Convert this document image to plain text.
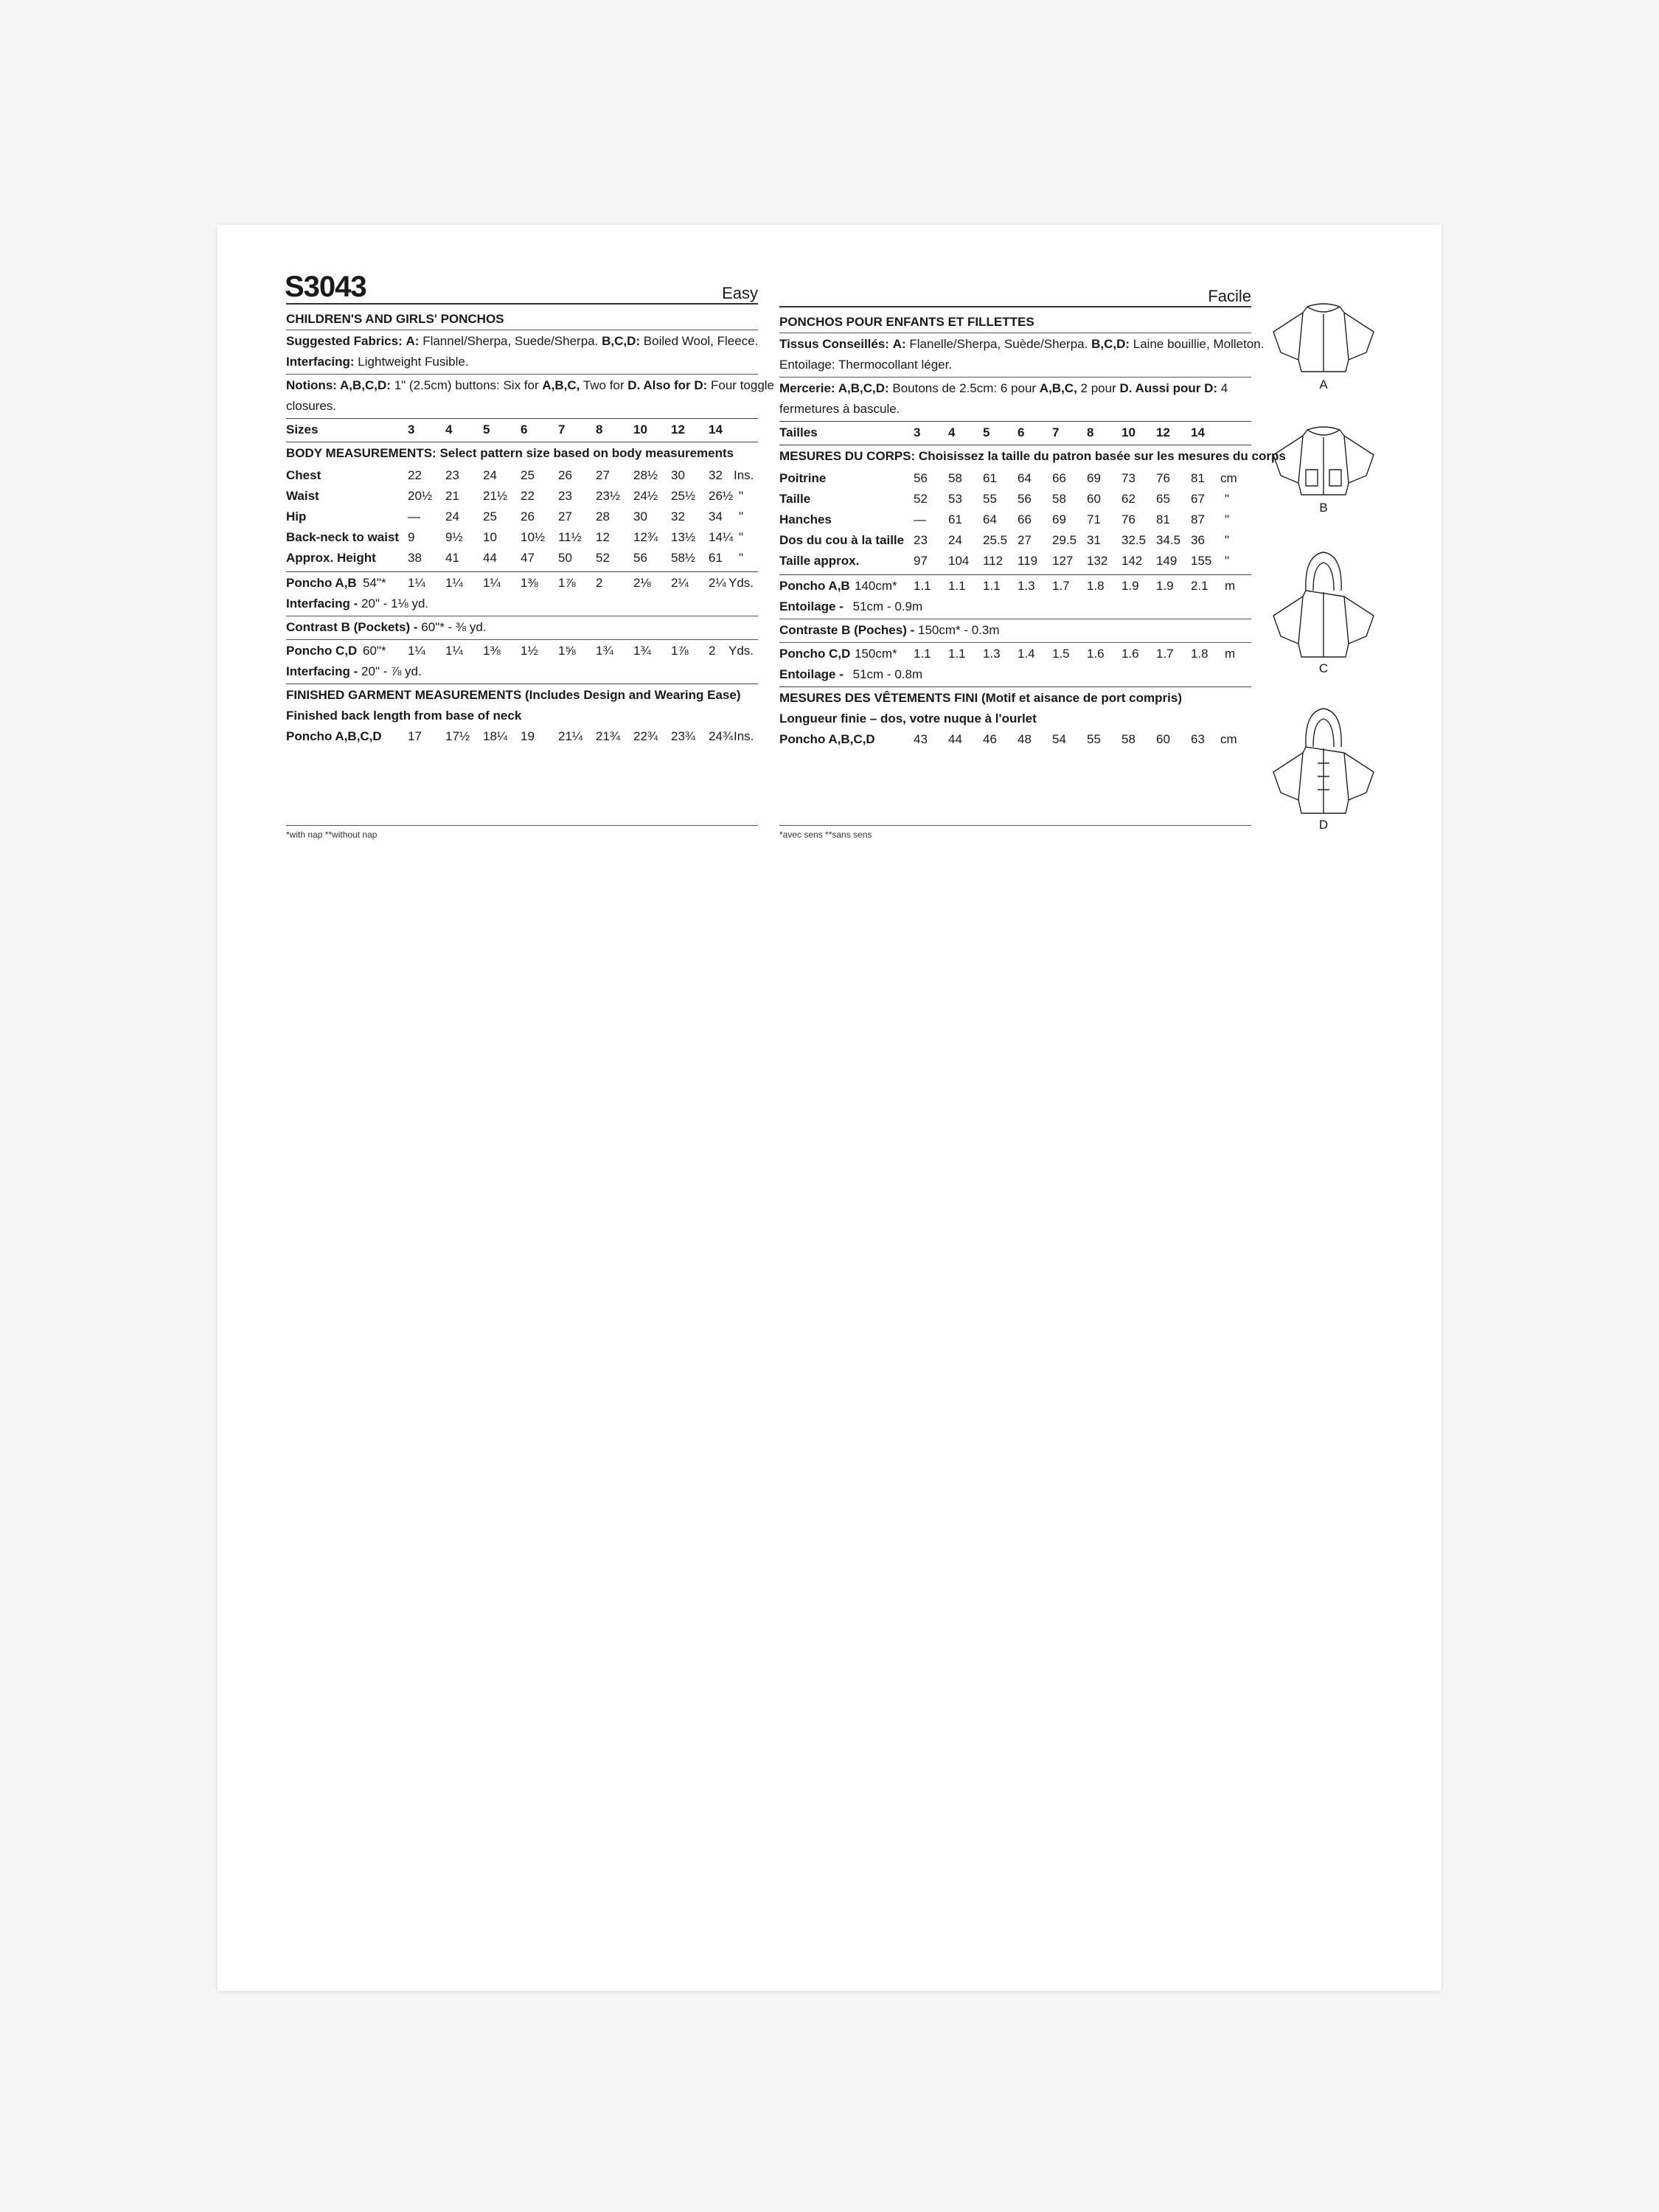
S3043	Easy
CHILDREN'S AND GIRLS' PONCHOS
Suggested Fabrics: A: Flannel/Sherpa, Suede/Sherpa. B,C,D: Boiled Wool, Fleece.
Interfacing: Lightweight Fusible.
Notions: A,B,C,D: 1" (2.5cm) buttons: Six for A,B,C, Two for D. Also for D: Four toggle
closures.
Sizes	3 4 5 6 7 8 10 12 14
BODY MEASUREMENTS: Select pattern size based on body measurements
Chest	22 23 24 25 26 27 28½ 30 32 Ins.
Waist	20½ 21 21½ 22 23 23½ 24½ 25½ 26½ "
Hip	— 24 25 26 27 28 30 32 34 "
Back-neck to waist 9 9½ 10 10½ 11½ 12 12¾ 13½ 14¼ "
Approx. Height	38 41 44 47 50 52 56 58½ 61 "
Poncho A,B 54"* 1¼ 1¼ 1¼ 1⅜ 1⅞ 2 2⅛ 2¼ 2¼ Yds.
Interfacing - 20" - 1⅛ yd.
Contrast B (Pockets) - 60"* - ⅜ yd.
Poncho C,D 60"* 1¼ 1¼ 1⅜ 1½ 1⅝ 1¾ 1¾ 1⅞ 2 Yds.
Interfacing - 20" - ⅞ yd.
FINISHED GARMENT MEASUREMENTS (Includes Design and Wearing Ease)
Finished back length from base of neck
Poncho A,B,C,D 17 17½ 18¼ 19 21¼ 21¾ 22¾ 23¾ 24¾ Ins.
*with nap **without nap
Facile
PONCHOS POUR ENFANTS ET FILLETTES
Tissus Conseillés: A: Flanelle/Sherpa, Suède/Sherpa. B,C,D: Laine bouillie, Molleton.
Entoilage: Thermocollant léger.
Mercerie: A,B,C,D: Boutons de 2.5cm: 6 pour A,B,C, 2 pour D. Aussi pour D: 4
fermetures à bascule.
Tailles	3 4 5 6 7 8 10 12 14
MESURES DU CORPS: Choisissez la taille du patron basée sur les mesures du corps
Poitrine	56 58 61 64 66 69 73 76 81 cm
Taille	52 53 55 56 58 60 62 65 67 "
Hanches	— 61 64 66 69 71 76 81 87 "
Dos du cou à la taille 23 24 25.5 27 29.5 31 32.5 34.5 36 "
Taille approx.	97 104 112 119 127 132 142 149 155 "
Poncho A,B 140cm* 1.1 1.1 1.1 1.3 1.7 1.8 1.9 1.9 2.1 m
Entoilage - 51cm - 0.9m
Contraste B (Poches) - 150cm* - 0.3m
Poncho C,D 150cm* 1.1 1.1 1.3 1.4 1.5 1.6 1.6 1.7 1.8 m
Entoilage - 51cm - 0.8m
MESURES DES VÊTEMENTS FINI (Motif et aisance de port compris)
Longueur finie – dos, votre nuque à l'ourlet
Poncho A,B,C,D	43 44 46 48 54 55 58 60 63 cm
*avec sens **sans sens
A
B
C
D
